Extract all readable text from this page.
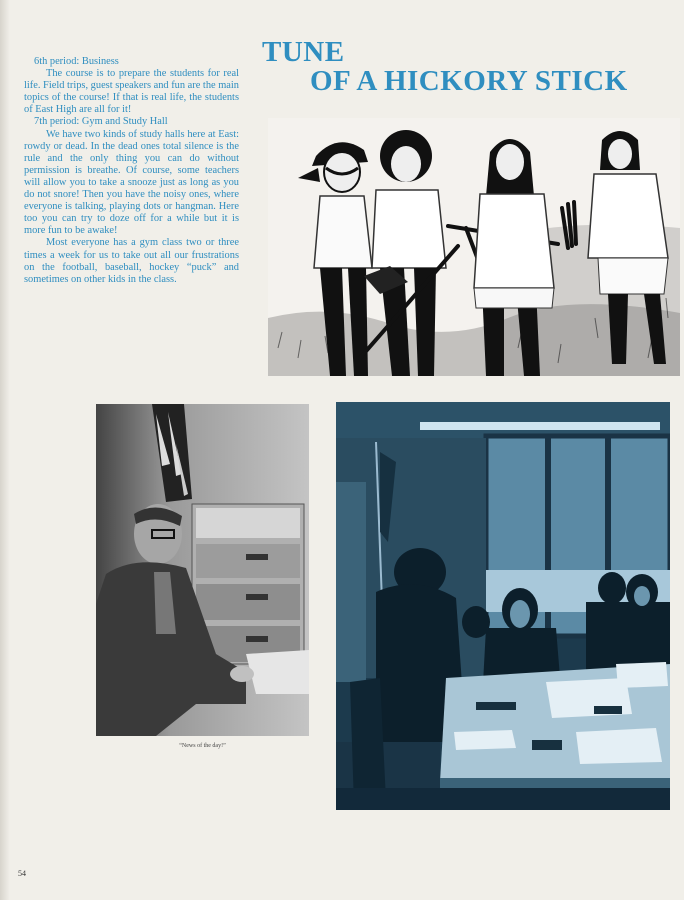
TUNE
OF A HICKORY STICK

6th period: Business

The course is to prepare the students for real life. Field trips, guest speakers and fun are the main topics of the course! If that is real life, the students of East High are all for it!

7th period: Gym and Study Hall

We have two kinds of study halls here at East: rowdy or dead. In the dead ones total silence is the rule and the only thing you can do without permission is breathe. Of course, some teachers will allow you to take a snooze just as long as you do not snore! Then you have the noisy ones, where everyone is talking, playing dots or hangman. Here too you can try to doze off for a while but it is more fun to be awake!

Most everyone has a gym class two or three times a week for us to take out all our frustrations on the football, baseball, hockey “puck” and sometimes on other kids in the class.

“News of the day!”
54
